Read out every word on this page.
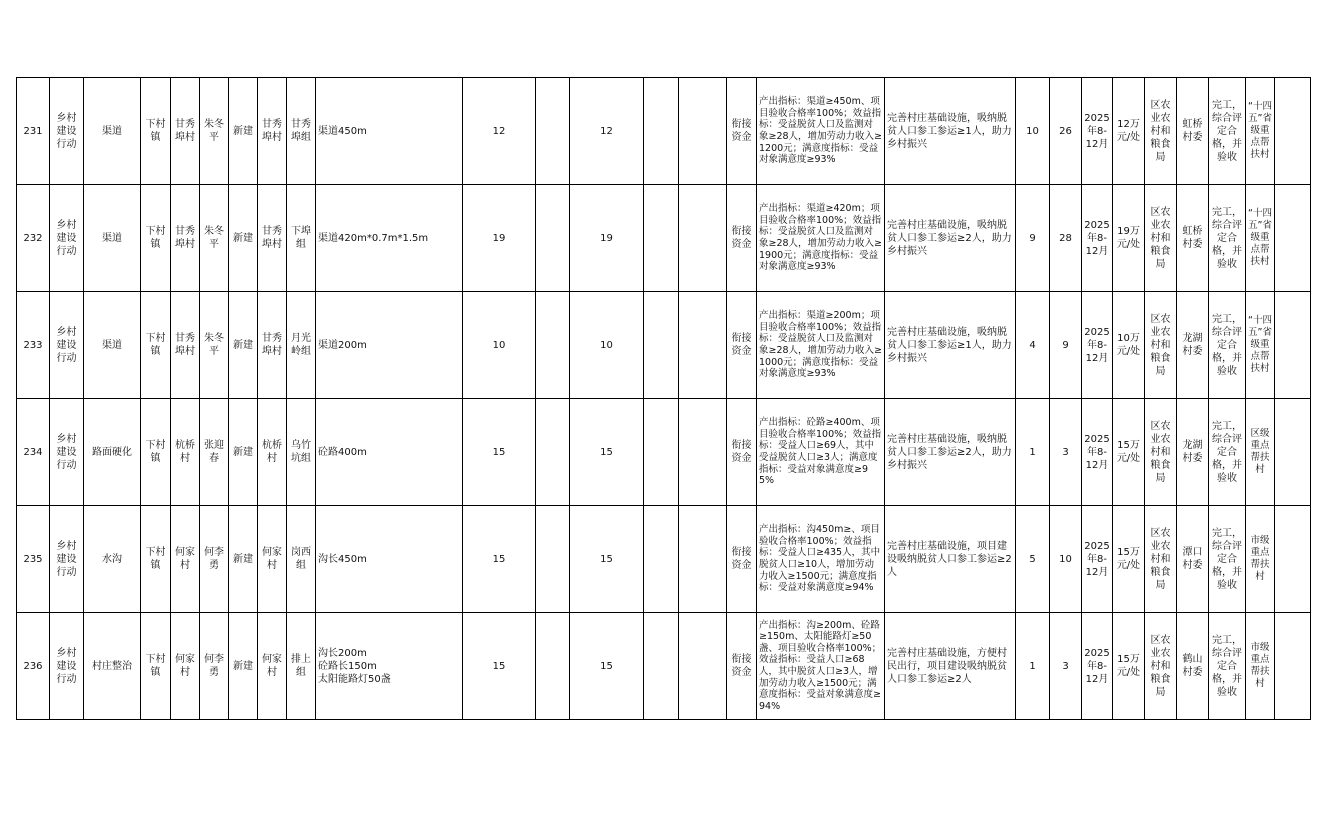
231	乡村建设行动	渠道	下村镇	甘秀埠村	朱冬平	新建	甘秀埠村	甘秀埠组	渠道450m	12		12			衔接资金	产出指标：渠道≥450m、项目验收合格率100%；效益指标：受益脱贫人口及监测对象≥28人，增加劳动力收入≥1200元；满意度指标：受益对象满意度≥93%	完善村庄基础设施，吸纳脱贫人口参工参运≥1人，助力乡村振兴	10	26	2025年8-12月	12万元/处	区农业农村和粮食局	虹桥村委	完工，综合评定合格，并验收	“十四五”省级重点帮扶村	
232	乡村建设行动	渠道	下村镇	甘秀埠村	朱冬平	新建	甘秀埠村	下埠组	渠道420m*0.7m*1.5m	19		19			衔接资金	产出指标：渠道≥420m；项目验收合格率100%；效益指标：受益脱贫人口及监测对象≥28人，增加劳动力收入≥1900元；满意度指标：受益对象满意度≥93%	完善村庄基础设施，吸纳脱贫人口参工参运≥2人，助力乡村振兴	9	28	2025年8-12月	19万元/处	区农业农村和粮食局	虹桥村委	完工，综合评定合格，并验收	“十四五”省级重点帮扶村	
233	乡村建设行动	渠道	下村镇	甘秀埠村	朱冬平	新建	甘秀埠村	月光岭组	渠道200m	10		10			衔接资金	产出指标：渠道≥200m；项目验收合格率100%；效益指标：受益脱贫人口及监测对象≥28人，增加劳动力收入≥1000元；满意度指标：受益对象满意度≥93%	完善村庄基础设施，吸纳脱贫人口参工参运≥1人，助力乡村振兴	4	9	2025年8-12月	10万元/处	区农业农村和粮食局	龙湖村委	完工，综合评定合格，并验收	“十四五”省级重点帮扶村	
234	乡村建设行动	路面硬化	下村镇	杭桥村	张迎春	新建	杭桥村	乌竹坑组	砼路400m	15		15			衔接资金	产出指标：砼路≥400m、项目验收合格率100%；效益指标：受益人口≥69人，其中受益脱贫人口≥3人；满意度指标：受益对象满意度≥95%	完善村庄基础设施，吸纳脱贫人口参工参运≥2人，助力乡村振兴	1	3	2025年8-12月	15万元/处	区农业农村和粮食局	龙湖村委	完工，综合评定合格，并验收	区级重点帮扶村	
235	乡村建设行动	水沟	下村镇	何家村	何李勇	新建	何家村	岗西组	沟长450m	15		15			衔接资金	产出指标：沟450m≥、项目验收合格率100%；效益指标：受益人口≥435人，其中脱贫人口≥10人，增加劳动力收入≥1500元；满意度指标：受益对象满意度≥94%	完善村庄基础设施，项目建设吸纳脱贫人口参工参运≥2人	5	10	2025年8-12月	15万元/处	区农业农村和粮食局	潭口村委	完工，综合评定合格，并验收	市级重点帮扶村	
236	乡村建设行动	村庄整治	下村镇	何家村	何李勇	新建	何家村	排上组	沟长200m
砼路长150m
太阳能路灯50盏	15		15			衔接资金	产出指标：沟≥200m、砼路≥150m、太阳能路灯≥50盏、项目验收合格率100%；效益指标：受益人口≥68人，其中脱贫人口≥3人，增加劳动力收入≥1500元；满意度指标：受益对象满意度≥94%	完善村庄基础设施，方便村民出行，项目建设吸纳脱贫人口参工参运≥2人	1	3	2025年8-12月	15万元/处	区农业农村和粮食局	鹤山村委	完工，综合评定合格，并验收	市级重点帮扶村	
